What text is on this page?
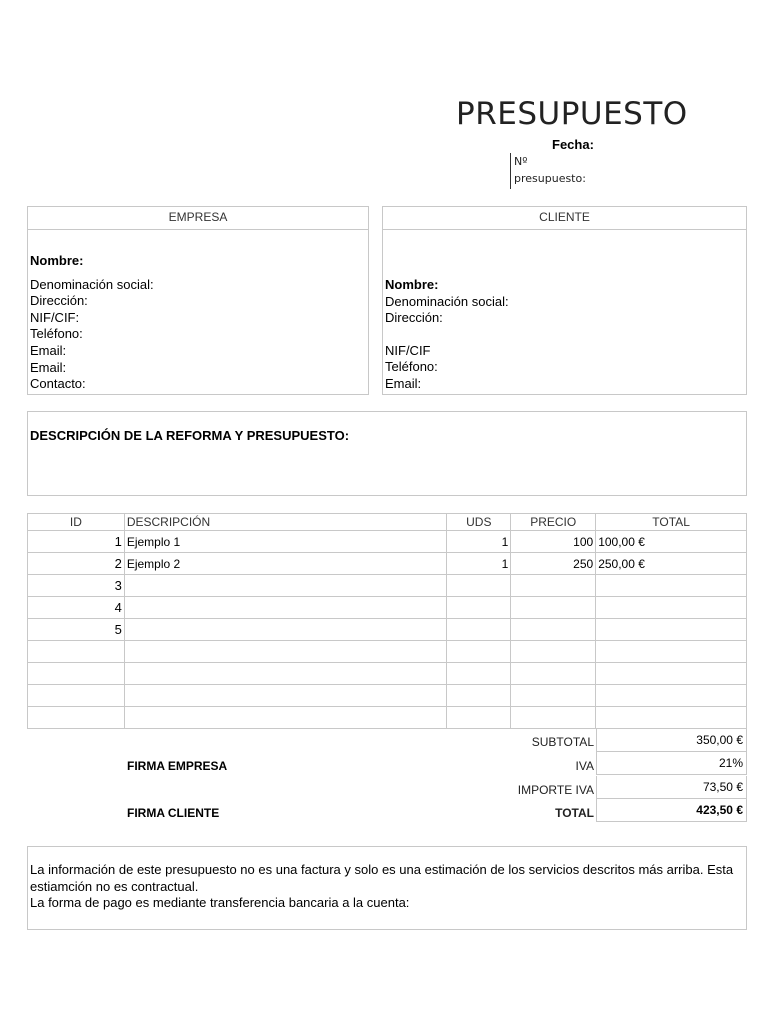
PRESUPUESTO
Fecha:
Nº
presupuesto:
EMPRESA
Nombre:
Denominación social:
Dirección:
NIF/CIF:
Teléfono:
Email:
Email:
Contacto:
CLIENTE
Nombre:
Denominación social:
Dirección:
NIF/CIF
Teléfono:
Email:
DESCRIPCIÓN DE LA REFORMA Y PRESUPUESTO:
ID	DESCRIPCIÓN	UDS	PRECIO	TOTAL
1	Ejemplo 1	1	100	100,00 €
2	Ejemplo 2	1	250	250,00 €
3				
4				
5				

SUBTOTAL	350,00 €
FIRMA EMPRESA	IVA	21%
IMPORTE IVA	73,50 €
FIRMA CLIENTE	TOTAL	423,50 €
La información de este presupuesto no es una factura y solo es una estimación de los servicios descritos más arriba. Esta estiamción no es contractual.
La forma de pago es mediante transferencia bancaria a la cuenta:
